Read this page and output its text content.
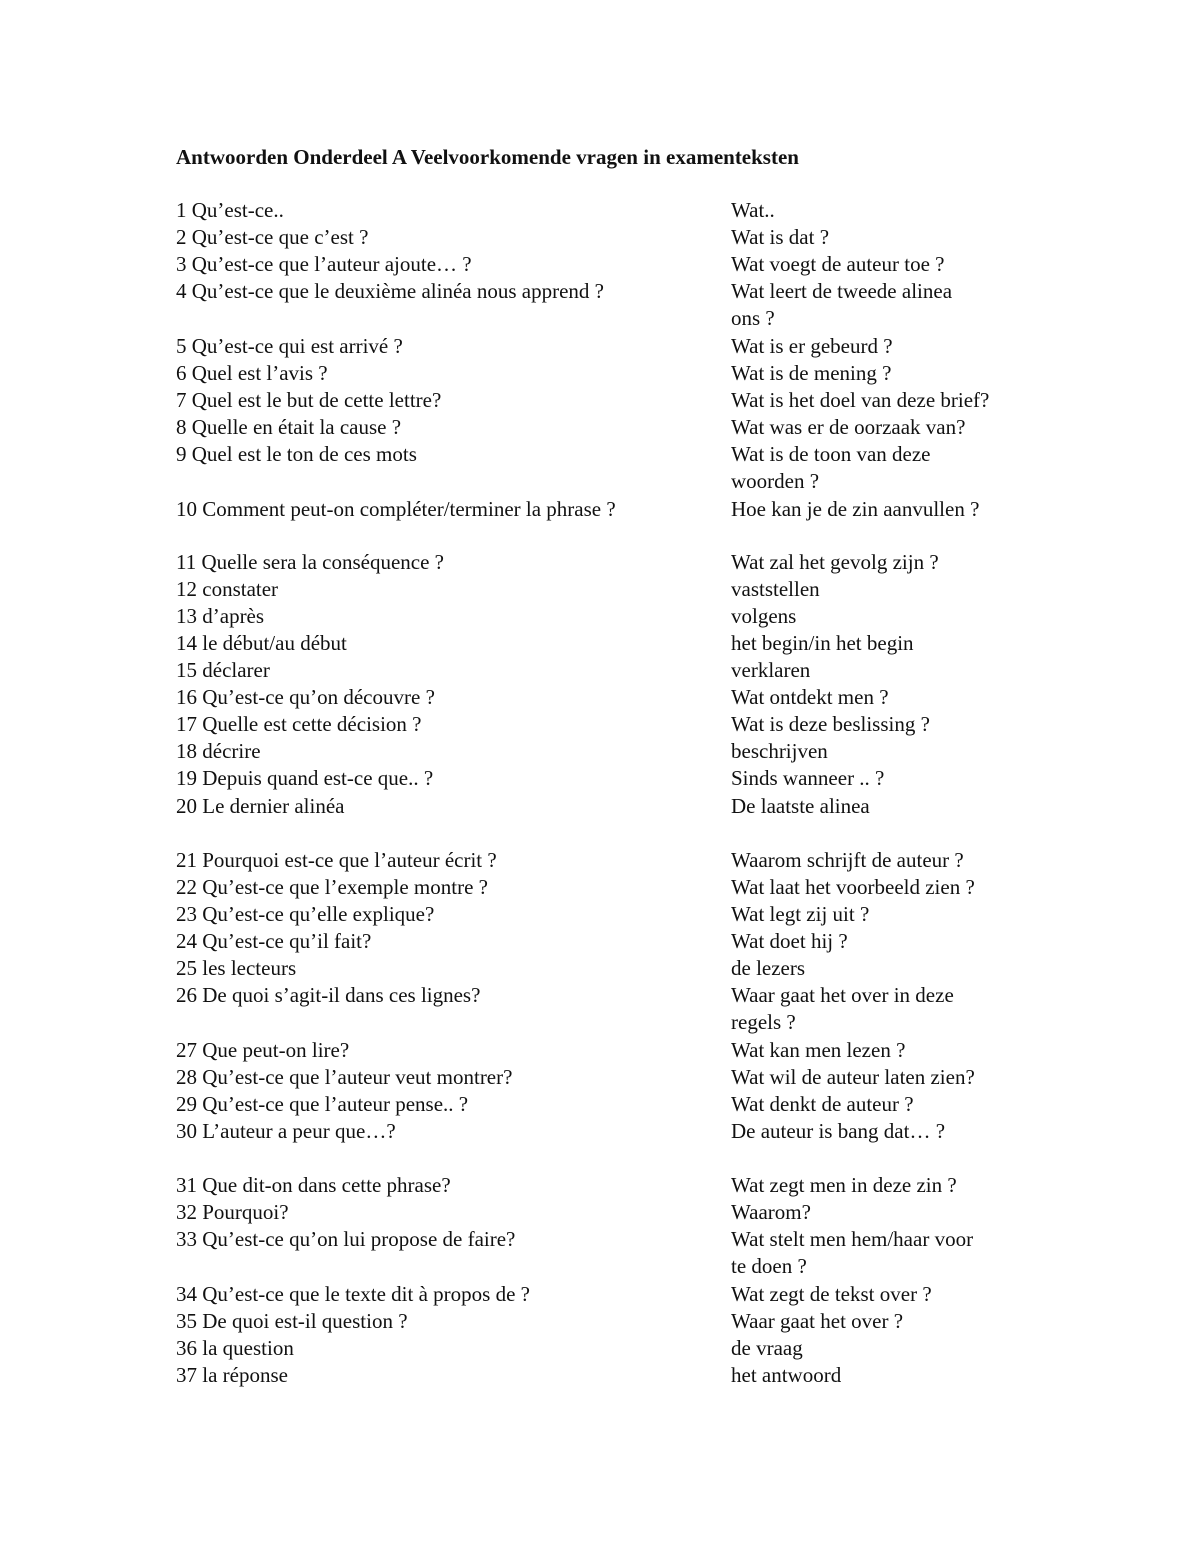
Antwoorden Onderdeel A Veelvoorkomende vragen in examenteksten
1 Qu’est-ce..	Wat..
2 Qu’est-ce que c’est ?	Wat is dat ?
3 Qu’est-ce que l’auteur ajoute… ?	Wat voegt de auteur toe ?
4 Qu’est-ce que le deuxième alinéa nous apprend ?	Wat leert de tweede alinea
ons ?
5 Qu’est-ce qui est arrivé ?	Wat is er gebeurd ?
6 Quel est l’avis ?	Wat is de mening ?
7 Quel est le but de cette lettre?	Wat is het doel van deze brief?
8 Quelle en était la cause ?	Wat was er de oorzaak van?
9 Quel est le ton de ces mots	Wat is de toon van deze
woorden ?
10 Comment peut-on compléter/terminer la phrase ?	Hoe kan je de zin aanvullen ?
11 Quelle sera la conséquence ?	Wat zal het gevolg zijn ?
12 constater	vaststellen
13 d’après	volgens
14 le début/au début	het begin/in het begin
15 déclarer	verklaren
16 Qu’est-ce qu’on découvre ?	Wat ontdekt men ?
17 Quelle est cette décision ?	Wat is deze beslissing ?
18 décrire	beschrijven
19 Depuis quand est-ce que.. ?	Sinds wanneer .. ?
20 Le dernier alinéa	De laatste alinea
21 Pourquoi est-ce que l’auteur écrit ?	Waarom schrijft de auteur ?
22 Qu’est-ce que l’exemple montre ?	Wat laat het voorbeeld zien ?
23 Qu’est-ce qu’elle explique?	Wat legt zij uit ?
24 Qu’est-ce qu’il fait?	Wat doet hij ?
25 les lecteurs	de lezers
26 De quoi s’agit-il dans ces lignes?	Waar gaat het over in deze
regels ?
27 Que peut-on lire?	Wat kan men lezen ?
28 Qu’est-ce que l’auteur veut montrer?	Wat wil de auteur laten zien?
29 Qu’est-ce que l’auteur pense.. ?	Wat denkt de auteur ?
30 L’auteur a peur que…?	De auteur is bang dat… ?
31 Que dit-on dans cette phrase?	Wat zegt men in deze zin ?
32 Pourquoi?	Waarom?
33 Qu’est-ce qu’on lui propose de faire?	Wat stelt men hem/haar voor
te doen ?
34 Qu’est-ce que le texte dit à propos de ?	Wat zegt de tekst over ?
35 De quoi est-il question ?	Waar gaat het over ?
36 la question	de vraag
37 la réponse	het antwoord
